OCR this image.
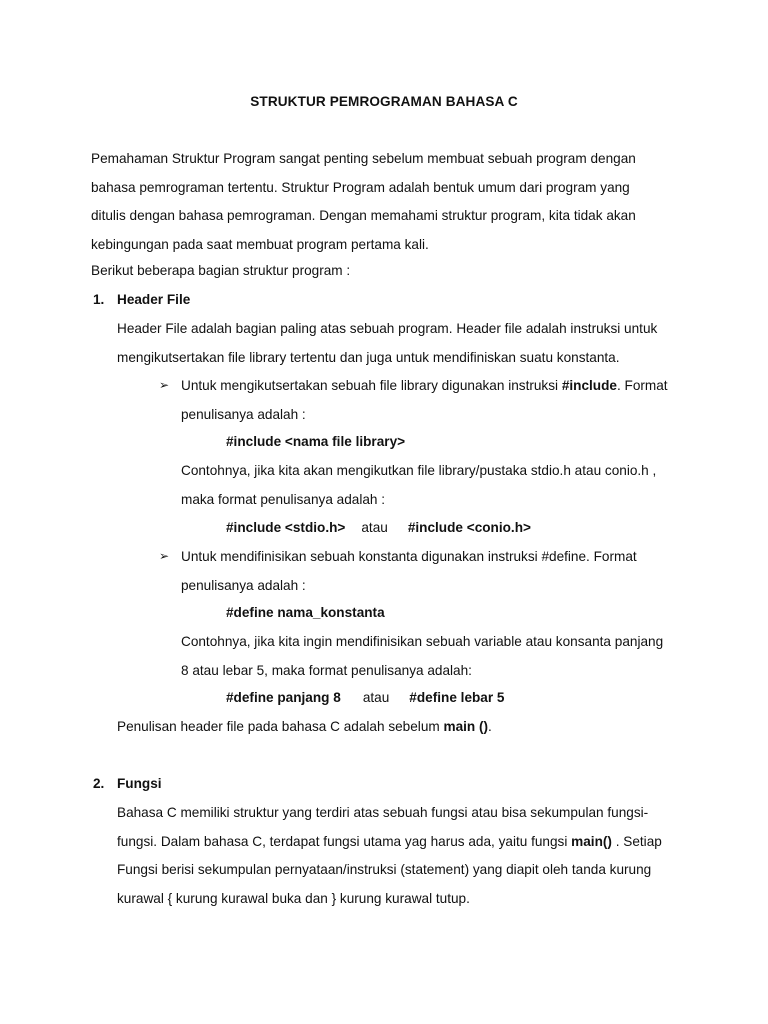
STRUKTUR PEMROGRAMAN BAHASA C

Pemahaman Struktur Program sangat penting sebelum membuat sebuah program dengan

bahasa pemrograman tertentu. Struktur Program adalah bentuk umum dari program yang

ditulis dengan bahasa pemrograman. Dengan memahami struktur program, kita tidak akan

kebingungan pada saat membuat program pertama kali.

Berikut beberapa bagian struktur program :
1. Header File

Header File adalah bagian paling atas sebuah program. Header file adalah instruksi untuk

mengikutsertakan file library tertentu dan juga untuk mendifiniskan suatu konstanta.

➢ Untuk mengikutsertakan sebuah file library digunakan instruksi #include. Format

penulisanya adalah :

#include <nama file library>

Contohnya, jika kita akan mengikutkan file library/pustaka stdio.h atau conio.h ,

maka format penulisanya adalah :

#include <stdio.h> atau #include <conio.h>
➢ Untuk mendifinisikan sebuah konstanta digunakan instruksi #define. Format

penulisanya adalah :

#define nama_konstanta

Contohnya, jika kita ingin mendifinisikan sebuah variable atau konsanta panjang

8 atau lebar 5, maka format penulisanya adalah:

#define panjang 8 atau #define lebar 5
Penulisan header file pada bahasa C adalah sebelum main ().
2. Fungsi

Bahasa C memiliki struktur yang terdiri atas sebuah fungsi atau bisa sekumpulan fungsi-

fungsi. Dalam bahasa C, terdapat fungsi utama yag harus ada, yaitu fungsi main() . Setiap

Fungsi berisi sekumpulan pernyataan/instruksi (statement) yang diapit oleh tanda kurung

kurawal { kurung kurawal buka dan } kurung kurawal tutup.
